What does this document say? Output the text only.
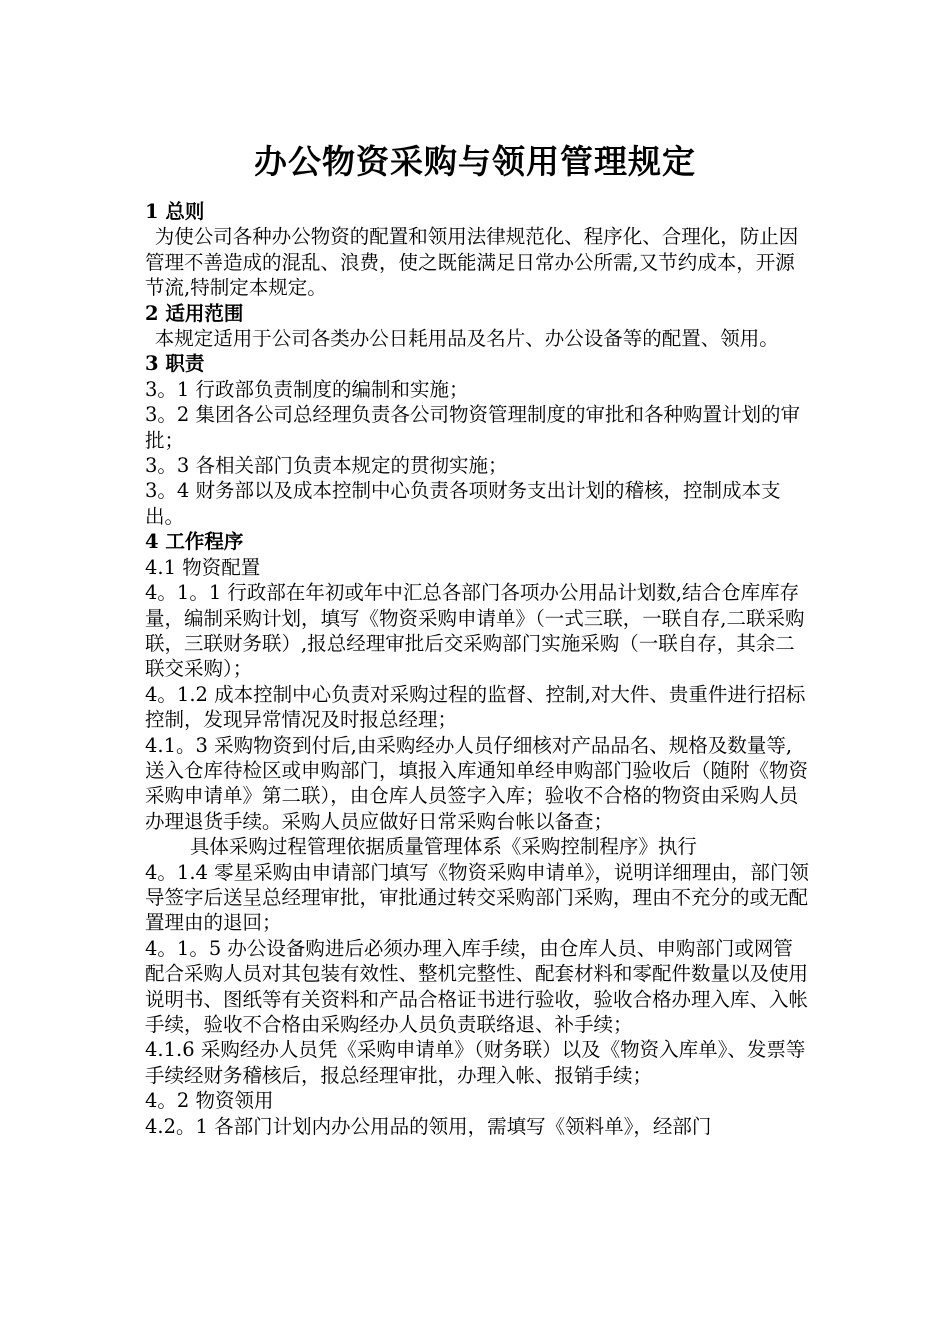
办公物资采购与领用管理规定

1 总则

为使公司各种办公物资的配置和领用法律规范化、程序化、合理化，防止因管理不善造成的混乱、浪费，使之既能满足日常办公所需,又节约成本，开源节流,特制定本规定。

2 适用范围

本规定适用于公司各类办公日耗用品及名片、办公设备等的配置、领用。

3 职责

3。1 行政部负责制度的编制和实施；

3。2 集团各公司总经理负责各公司物资管理制度的审批和各种购置计划的审批；

3。3 各相关部门负责本规定的贯彻实施；

3。4 财务部以及成本控制中心负责各项财务支出计划的稽核，控制成本支出。

4 工作程序

4.1 物资配置

4。1。1 行政部在年初或年中汇总各部门各项办公用品计划数,结合仓库库存量，编制采购计划，填写《物资采购申请单》（一式三联，一联自存,二联采购联，三联财务联）,报总经理审批后交采购部门实施采购（一联自存，其余二联交采购）；

4。1.2 成本控制中心负责对采购过程的监督、控制,对大件、贵重件进行招标控制，发现异常情况及时报总经理；

4.1。3 采购物资到付后,由采购经办人员仔细核对产品品名、规格及数量等,送入仓库待检区或申购部门，填报入库通知单经申购部门验收后（随附《物资采购申请单》第二联），由仓库人员签字入库；验收不合格的物资由采购人员办理退货手续。采购人员应做好日常采购台帐以备查；

具体采购过程管理依据质量管理体系《采购控制程序》执行

4。1.4 零星采购由申请部门填写《物资采购申请单》，说明详细理由，部门领导签字后送呈总经理审批，审批通过转交采购部门采购，理由不充分的或无配置理由的退回；

4。1。5 办公设备购进后必须办理入库手续，由仓库人员、申购部门或网管配合采购人员对其包装有效性、整机完整性、配套材料和零配件数量以及使用说明书、图纸等有关资料和产品合格证书进行验收，验收合格办理入库、入帐手续，验收不合格由采购经办人员负责联络退、补手续；

4.1.6 采购经办人员凭《采购申请单》（财务联）以及《物资入库单》、发票等手续经财务稽核后，报总经理审批，办理入帐、报销手续；

4。2 物资领用

4.2。1 各部门计划内办公用品的领用，需填写《领料单》，经部门
